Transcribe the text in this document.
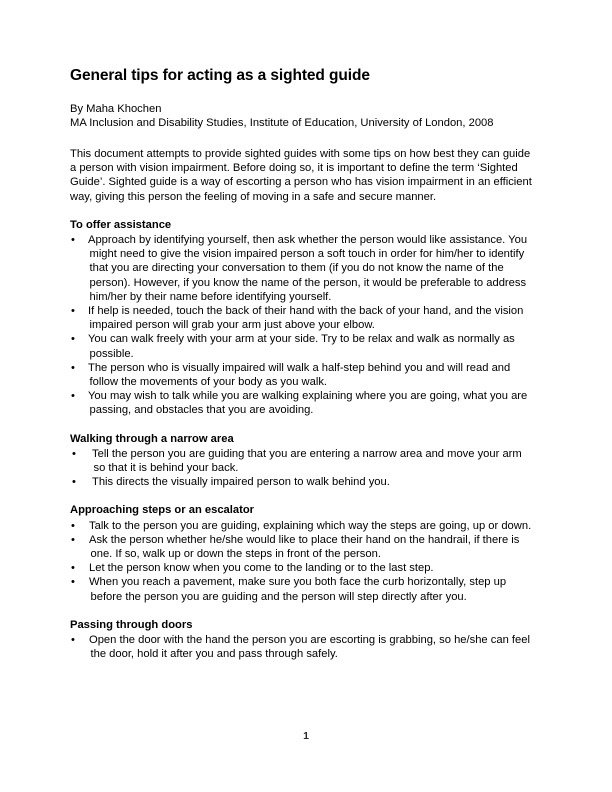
General tips for acting as a sighted guide
By Maha Khochen
MA Inclusion and Disability Studies, Institute of Education, University of London, 2008

This document attempts to provide sighted guides with some tips on how best they can guide a person with vision impairment. Before doing so, it is important to define the term ‘Sighted Guide’. Sighted guide is a way of escorting a person who has vision impairment in an efficient way, giving this person the feeling of moving in a safe and secure manner.

To offer assistance
• Approach by identifying yourself, then ask whether the person would like assistance. You might need to give the vision impaired person a soft touch in order for him/her to identify that you are directing your conversation to them (if you do not know the name of the person). However, if you know the name of the person, it would be preferable to address him/her by their name before identifying yourself.
• If help is needed, touch the back of their hand with the back of your hand, and the vision impaired person will grab your arm just above your elbow.
• You can walk freely with your arm at your side. Try to be relax and walk as normally as possible.
• The person who is visually impaired will walk a half-step behind you and will read and follow the movements of your body as you walk.
• You may wish to talk while you are walking explaining where you are going, what you are passing, and obstacles that you are avoiding.
Walking through a narrow area
• Tell the person you are guiding that you are entering a narrow area and move your arm so that it is behind your back.
• This directs the visually impaired person to walk behind you.
Approaching steps or an escalator
• Talk to the person you are guiding, explaining which way the steps are going, up or down.
• Ask the person whether he/she would like to place their hand on the handrail, if there is one. If so, walk up or down the steps in front of the person.
• Let the person know when you come to the landing or to the last step.
• When you reach a pavement, make sure you both face the curb horizontally, step up before the person you are guiding and the person will step directly after you.
Passing through doors
• Open the door with the hand the person you are escorting is grabbing, so he/she can feel the door, hold it after you and pass through safely.
1
